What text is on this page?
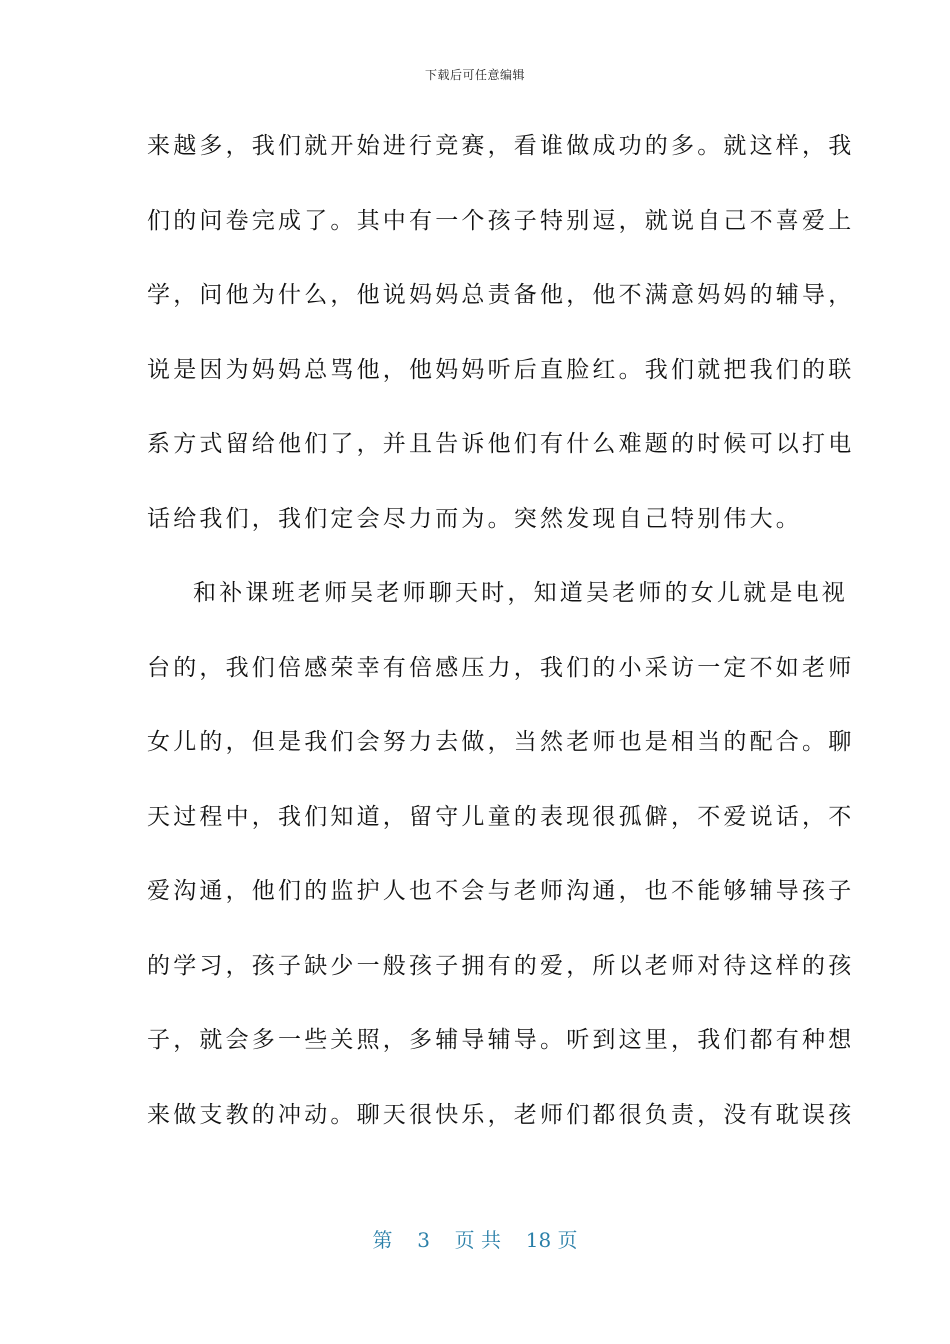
下载后可任意编辑
来越多，我们就开始进行竞赛，看谁做成功的多。就这样，我
们的问卷完成了。其中有一个孩子特别逗，就说自己不喜爱上
学，问他为什么，他说妈妈总责备他，他不满意妈妈的辅导，
说是因为妈妈总骂他，他妈妈听后直脸红。我们就把我们的联
系方式留给他们了，并且告诉他们有什么难题的时候可以打电
话给我们，我们定会尽力而为。突然发现自己特别伟大。
和补课班老师吴老师聊天时，知道吴老师的女儿就是电视
台的，我们倍感荣幸有倍感压力，我们的小采访一定不如老师
女儿的，但是我们会努力去做，当然老师也是相当的配合。聊
天过程中，我们知道，留守儿童的表现很孤僻，不爱说话，不
爱沟通，他们的监护人也不会与老师沟通，也不能够辅导孩子
的学习，孩子缺少一般孩子拥有的爱，所以老师对待这样的孩
子，就会多一些关照，多辅导辅导。听到这里，我们都有种想
来做支教的冲动。聊天很快乐，老师们都很负责，没有耽误孩
第 3 页 共 18 页
